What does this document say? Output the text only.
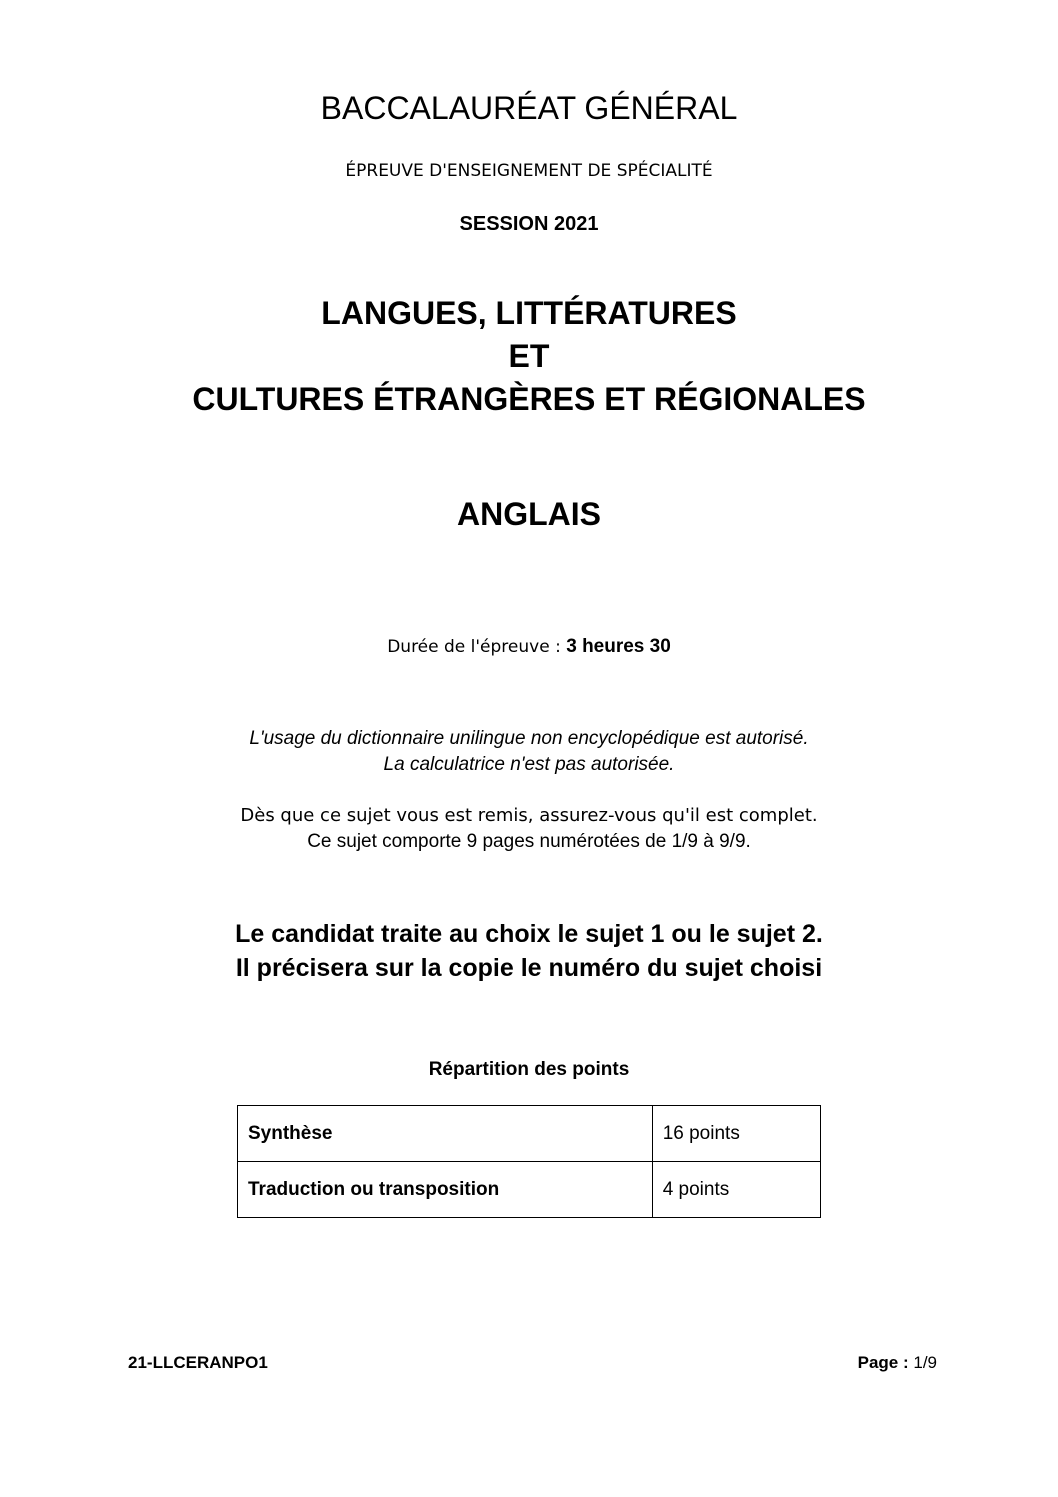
BACCALAURÉAT GÉNÉRAL
ÉPREUVE D'ENSEIGNEMENT DE SPÉCIALITÉ
SESSION 2021
LANGUES, LITTÉRATURES
ET
CULTURES ÉTRANGÈRES ET RÉGIONALES
ANGLAIS
Durée de l'épreuve : 3 heures 30
L'usage du dictionnaire unilingue non encyclopédique est autorisé.
La calculatrice n'est pas autorisée.
Dès que ce sujet vous est remis, assurez-vous qu'il est complet.
Ce sujet comporte 9 pages numérotées de 1/9 à 9/9.
Le candidat traite au choix le sujet 1 ou le sujet 2.
Il précisera sur la copie le numéro du sujet choisi
Répartition des points
Synthèse	16 points
Traduction ou transposition	4 points
21-LLCERANPO1	Page : 1/9
